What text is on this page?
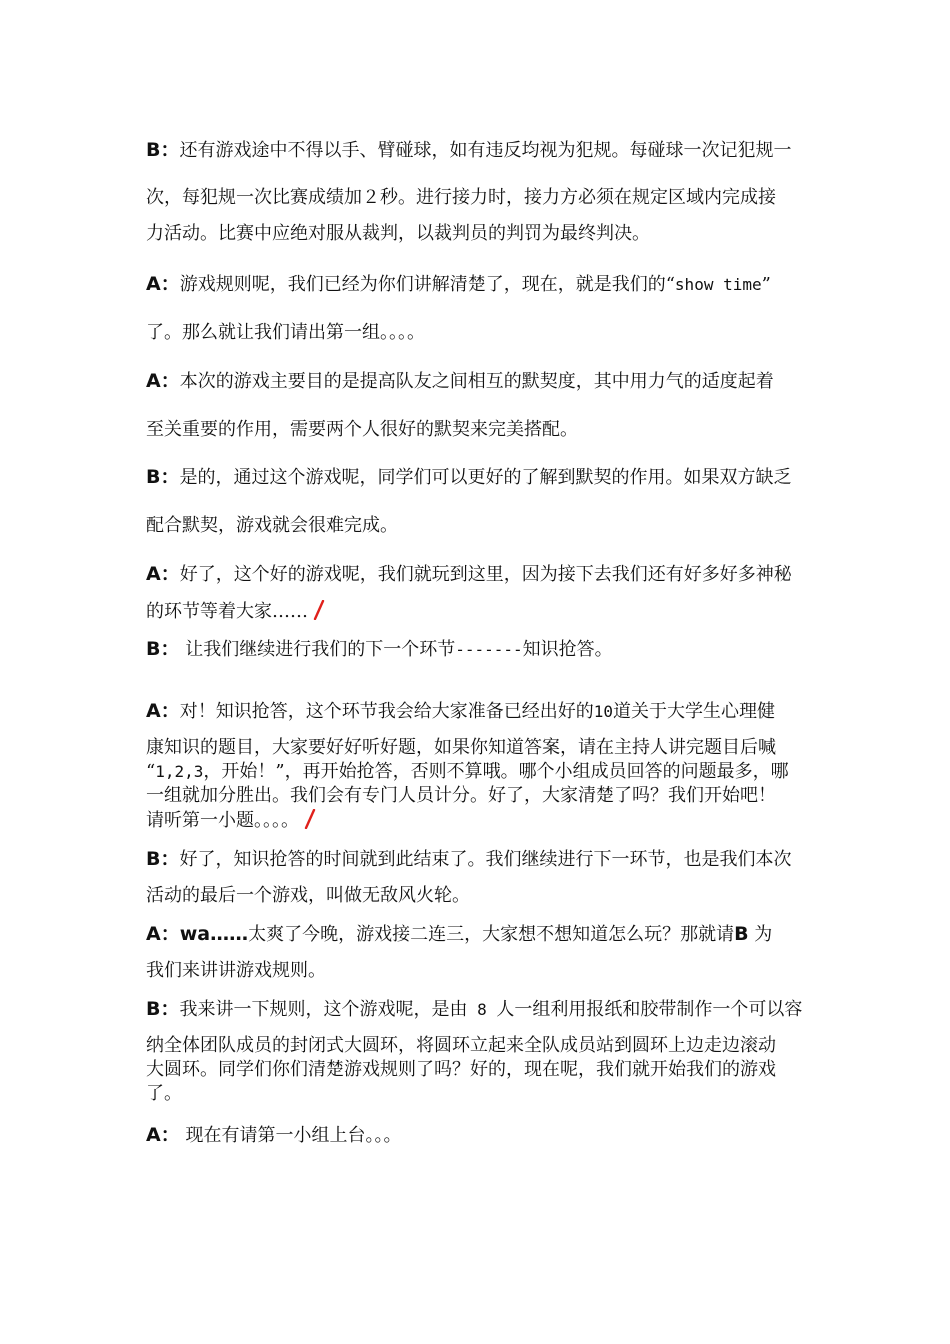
B：还有游戏途中不得以手、臂碰球，如有违反均视为犯规。每碰球一次记犯规一
次，每犯规一次比赛成绩加２秒。进行接力时，接力方必须在规定区域内完成接
力活动。比赛中应绝对服从裁判，以裁判员的判罚为最终判决。
A：游戏规则呢，我们已经为你们讲解清楚了，现在，就是我们的“show time”
了。那么就让我们请出第一组。。。。
A：本次的游戏主要目的是提高队友之间相互的默契度，其中用力气的适度起着
至关重要的作用，需要两个人很好的默契来完美搭配。
B：是的，通过这个游戏呢，同学们可以更好的了解到默契的作用。如果双方缺乏
配合默契，游戏就会很难完成。
A：好了，这个好的游戏呢，我们就玩到这里，因为接下去我们还有好多好多神秘
的环节等着大家……
B： 让我们继续进行我们的下一个环节-------知识抢答。
A：对！知识抢答，这个环节我会给大家准备已经出好的10道关于大学生心理健
康知识的题目，大家要好好听好题，如果你知道答案，请在主持人讲完题目后喊
“1,2,3，开始！”，再开始抢答，否则不算哦。哪个小组成员回答的问题最多，哪
一组就加分胜出。我们会有专门人员计分。好了，大家清楚了吗？我们开始吧！
请听第一小题。。。。
B：好了，知识抢答的时间就到此结束了。我们继续进行下一环节，也是我们本次
活动的最后一个游戏，叫做无敌风火轮。
A：wa……太爽了今晚，游戏接二连三，大家想不想知道怎么玩？那就请B 为
我们来讲讲游戏规则。
B：我来讲一下规则，这个游戏呢，是由 8 人一组利用报纸和胶带制作一个可以容
纳全体团队成员的封闭式大圆环，将圆环立起来全队成员站到圆环上边走边滚动
大圆环。同学们你们清楚游戏规则了吗？好的，现在呢，我们就开始我们的游戏
了。
A： 现在有请第一小组上台。。。
